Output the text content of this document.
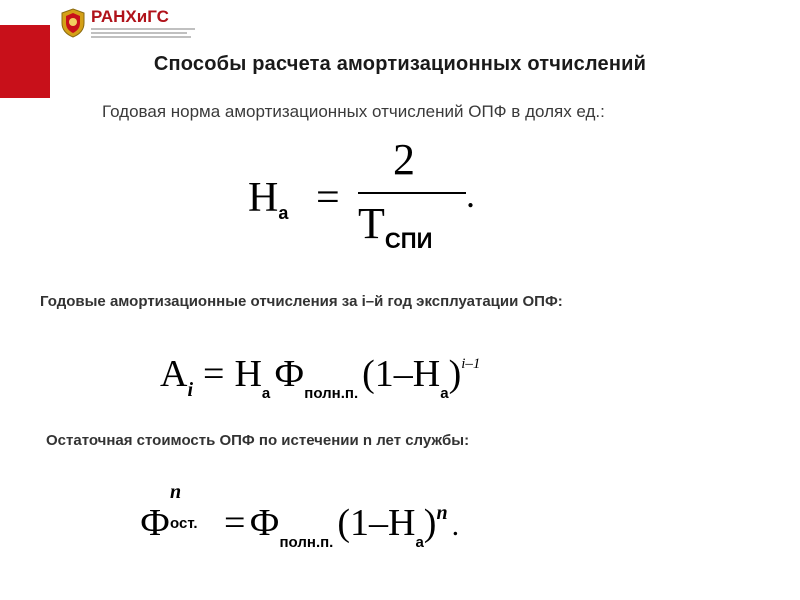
РАНХиГС
Способы расчета амортизационных отчислений
Годовая норма амортизационных отчислений ОПФ в долях ед.:
На =
2
ТСПИ
.
Годовые амортизационные отчисления за i–й год эксплуатации ОПФ:
Аi = На Фполн.п. (1–На)i–1
Остаточная стоимость ОПФ по истечении n лет службы:
Ф
n
ост. = Фполн.п. (1–На)n .
